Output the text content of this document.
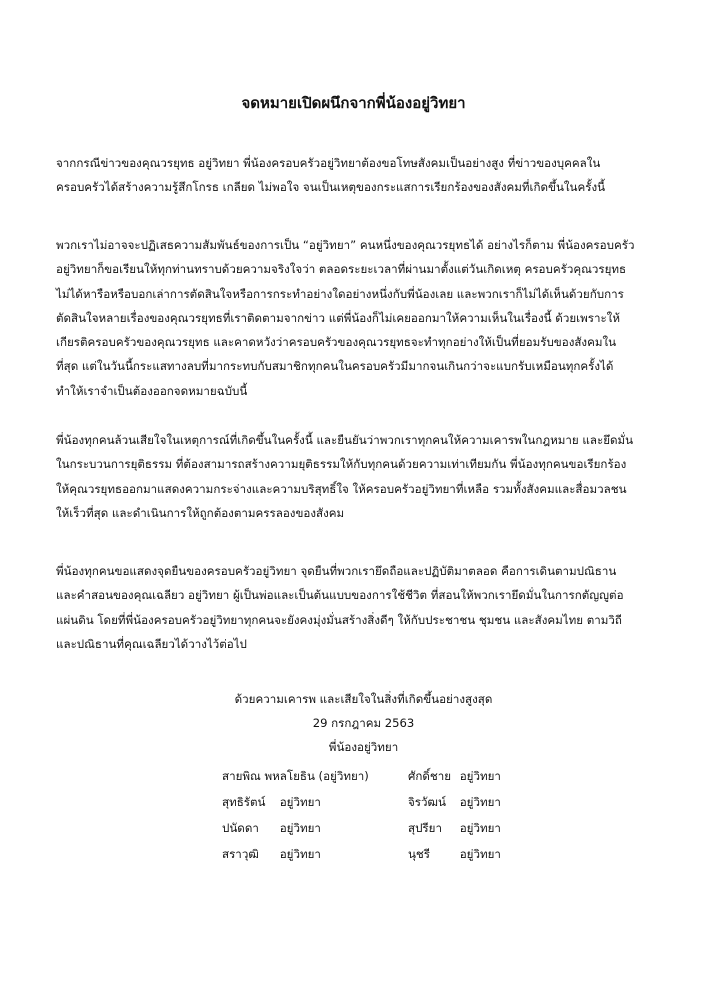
จดหมายเปิดผนึกจากพี่น้องอยู่วิทยา
จากกรณีข่าวของคุณวรยุทธ อยู่วิทยา พี่น้องครอบครัวอยู่วิทยาต้องขอโทษสังคมเป็นอย่างสูง ที่ข่าวของบุคคลใน
ครอบครัวได้สร้างความรู้สึกโกรธ เกลียด ไม่พอใจ จนเป็นเหตุของกระแสการเรียกร้องของสังคมที่เกิดขึ้นในครั้งนี้
พวกเราไม่อาจจะปฏิเสธความสัมพันธ์ของการเป็น “อยู่วิทยา” คนหนึ่งของคุณวรยุทธได้ อย่างไรก็ตาม พี่น้องครอบครัว
อยู่วิทยาก็ขอเรียนให้ทุกท่านทราบด้วยความจริงใจว่า ตลอดระยะเวลาที่ผ่านมาตั้งแต่วันเกิดเหตุ ครอบครัวคุณวรยุทธ
ไม่ได้หารือหรือบอกเล่าการตัดสินใจหรือการกระทำอย่างใดอย่างหนึ่งกับพี่น้องเลย และพวกเราก็ไม่ได้เห็นด้วยกับการ
ตัดสินใจหลายเรื่องของคุณวรยุทธที่เราติดตามจากข่าว แต่พี่น้องก็ไม่เคยออกมาให้ความเห็นในเรื่องนี้ ด้วยเพราะให้
เกียรติครอบครัวของคุณวรยุทธ และคาดหวังว่าครอบครัวของคุณวรยุทธจะทำทุกอย่างให้เป็นที่ยอมรับของสังคมใน
ที่สุด แต่ในวันนี้กระแสทางลบที่มากระทบกับสมาชิกทุกคนในครอบครัวมีมากจนเกินกว่าจะแบกรับเหมือนทุกครั้งได้
ทำให้เราจำเป็นต้องออกจดหมายฉบับนี้
พี่น้องทุกคนล้วนเสียใจในเหตุการณ์ที่เกิดขึ้นในครั้งนี้ และยืนยันว่าพวกเราทุกคนให้ความเคารพในกฎหมาย และยึดมั่น
ในกระบวนการยุติธรรม ที่ต้องสามารถสร้างความยุติธรรมให้กับทุกคนด้วยความเท่าเทียมกัน พี่น้องทุกคนขอเรียกร้อง
ให้คุณวรยุทธออกมาแสดงความกระจ่างและความบริสุทธิ์ใจ ให้ครอบครัวอยู่วิทยาที่เหลือ รวมทั้งสังคมและสื่อมวลชน
ให้เร็วที่สุด และดำเนินการให้ถูกต้องตามครรลองของสังคม
พี่น้องทุกคนขอแสดงจุดยืนของครอบครัวอยู่วิทยา จุดยืนที่พวกเรายึดถือและปฏิบัติมาตลอด คือการเดินตามปณิธาน
และคำสอนของคุณเฉลียว อยู่วิทยา ผู้เป็นพ่อและเป็นต้นแบบของการใช้ชีวิต ที่สอนให้พวกเรายึดมั่นในการกตัญญูต่อ
แผ่นดิน โดยที่พี่น้องครอบครัวอยู่วิทยาทุกคนจะยังคงมุ่งมั่นสร้างสิ่งดีๆ ให้กับประชาชน ชุมชน และสังคมไทย ตามวิถี
และปณิธานที่คุณเฉลียวได้วางไว้ต่อไป
ด้วยความเคารพ และเสียใจในสิ่งที่เกิดขึ้นอย่างสูงสุด
29 กรกฎาคม 2563
พี่น้องอยู่วิทยา
สายพิณ พหลโยธิน (อยู่วิทยา)	ศักดิ์ชาย อยู่วิทยา
สุทธิรัตน์ อยู่วิทยา	จิรวัฒน์ อยู่วิทยา
ปนัดดา อยู่วิทยา	สุปรียา อยู่วิทยา
สราวุฒิ อยู่วิทยา	นุชรี	อยู่วิทยา
